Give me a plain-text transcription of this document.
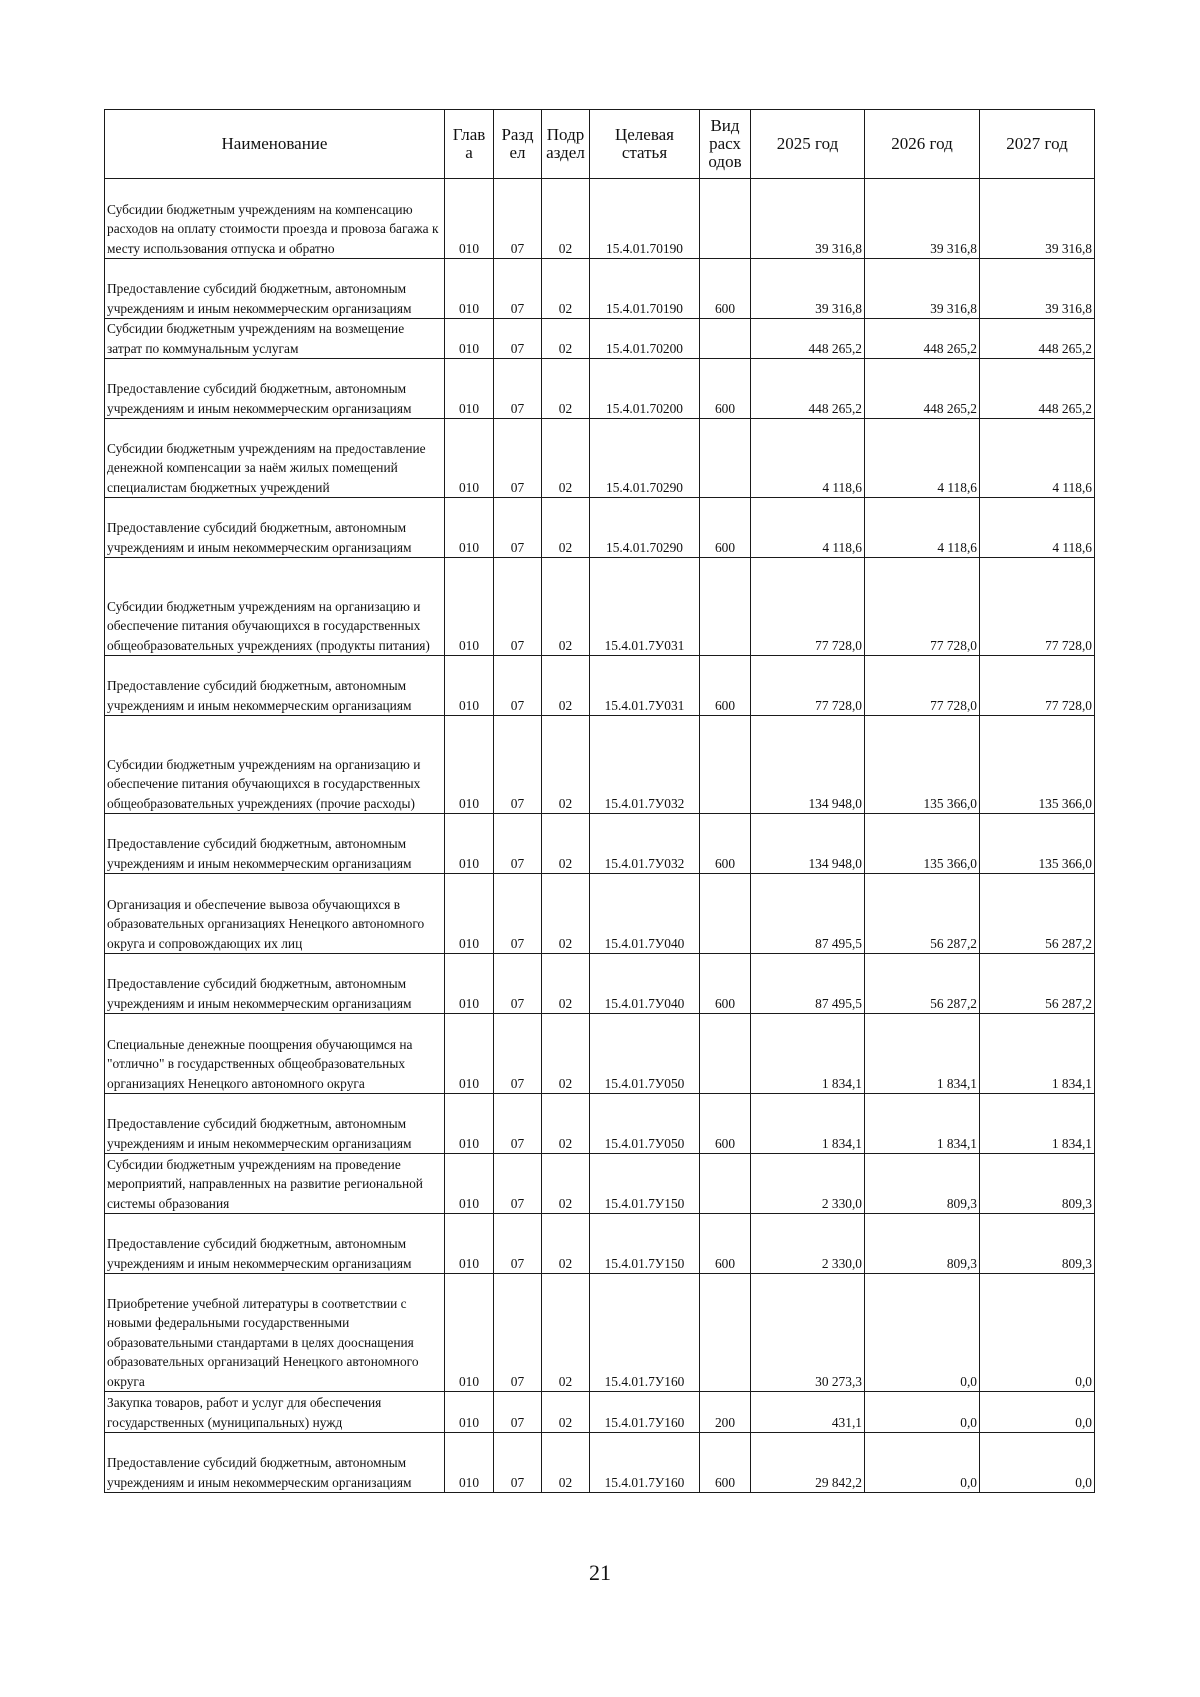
Наименование	Глав а	Разд ел	Подр аздел	Целевая статья	Вид расх одов	2025 год	2026 год	2027 год
Субсидии бюджетным учреждениям на компенсацию расходов на оплату стоимости проезда и провоза багажа к месту использования отпуска и обратно	010	07	02	15.4.01.70190		39 316,8	39 316,8	39 316,8
Предоставление субсидий бюджетным, автономным учреждениям и иным некоммерческим организациям	010	07	02	15.4.01.70190	600	39 316,8	39 316,8	39 316,8
Субсидии бюджетным учреждениям на возмещение затрат по коммунальным услугам	010	07	02	15.4.01.70200		448 265,2	448 265,2	448 265,2
Предоставление субсидий бюджетным, автономным учреждениям и иным некоммерческим организациям	010	07	02	15.4.01.70200	600	448 265,2	448 265,2	448 265,2
Субсидии бюджетным учреждениям на предоставление денежной компенсации за наём жилых помещений специалистам бюджетных учреждений	010	07	02	15.4.01.70290		4 118,6	4 118,6	4 118,6
Предоставление субсидий бюджетным, автономным учреждениям и иным некоммерческим организациям	010	07	02	15.4.01.70290	600	4 118,6	4 118,6	4 118,6
Субсидии бюджетным учреждениям на организацию и обеспечение питания обучающихся в государственных общеобразовательных учреждениях (продукты питания)	010	07	02	15.4.01.7У031		77 728,0	77 728,0	77 728,0
Предоставление субсидий бюджетным, автономным учреждениям и иным некоммерческим организациям	010	07	02	15.4.01.7У031	600	77 728,0	77 728,0	77 728,0
Субсидии бюджетным учреждениям на организацию и обеспечение питания обучающихся в государственных общеобразовательных учреждениях (прочие расходы)	010	07	02	15.4.01.7У032		134 948,0	135 366,0	135 366,0
Предоставление субсидий бюджетным, автономным учреждениям и иным некоммерческим организациям	010	07	02	15.4.01.7У032	600	134 948,0	135 366,0	135 366,0
Организация и обеспечение вывоза обучающихся в образовательных организациях Ненецкого автономного округа и сопровождающих их лиц	010	07	02	15.4.01.7У040		87 495,5	56 287,2	56 287,2
Предоставление субсидий бюджетным, автономным учреждениям и иным некоммерческим организациям	010	07	02	15.4.01.7У040	600	87 495,5	56 287,2	56 287,2
Специальные денежные поощрения обучающимся на "отлично" в государственных общеобразовательных организациях Ненецкого автономного округа	010	07	02	15.4.01.7У050		1 834,1	1 834,1	1 834,1
Предоставление субсидий бюджетным, автономным учреждениям и иным некоммерческим организациям	010	07	02	15.4.01.7У050	600	1 834,1	1 834,1	1 834,1
Субсидии бюджетным учреждениям на проведение мероприятий, направленных на развитие региональной системы образования	010	07	02	15.4.01.7У150		2 330,0	809,3	809,3
Предоставление субсидий бюджетным, автономным учреждениям и иным некоммерческим организациям	010	07	02	15.4.01.7У150	600	2 330,0	809,3	809,3
Приобретение учебной литературы в соответствии с новыми федеральными государственными образовательными стандартами в целях дооснащения образовательных организаций Ненецкого автономного округа	010	07	02	15.4.01.7У160		30 273,3	0,0	0,0
Закупка товаров, работ и услуг для обеспечения государственных (муниципальных) нужд	010	07	02	15.4.01.7У160	200	431,1	0,0	0,0
Предоставление субсидий бюджетным, автономным учреждениям и иным некоммерческим организациям	010	07	02	15.4.01.7У160	600	29 842,2	0,0	0,0
21
